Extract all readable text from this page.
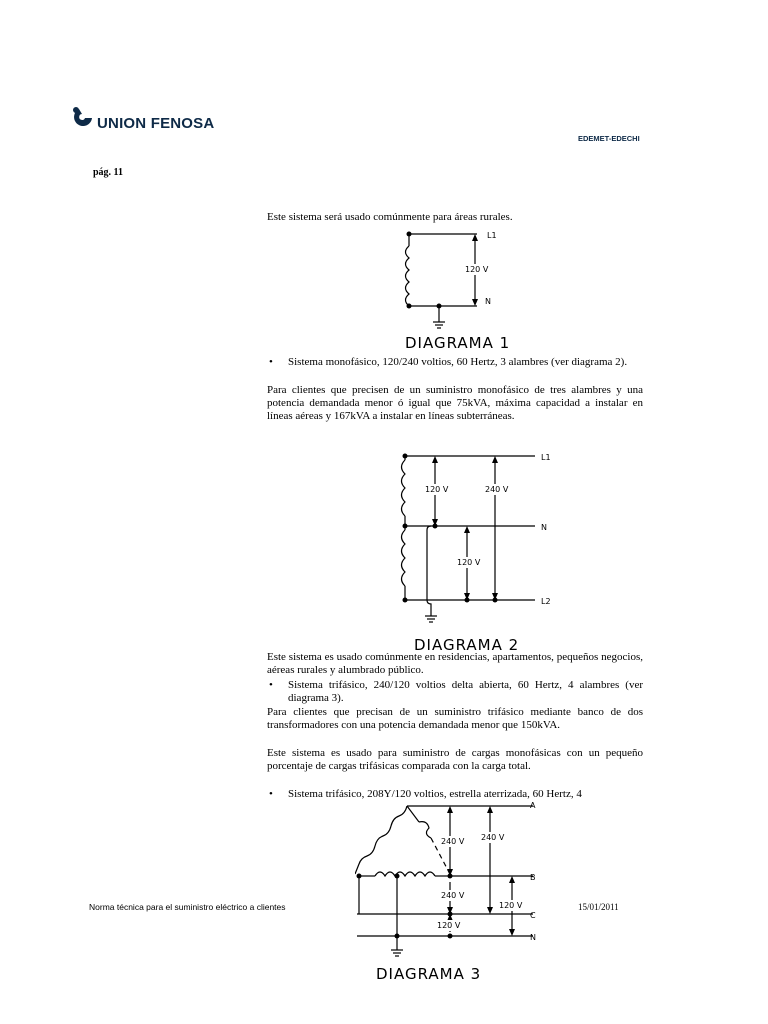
UNION FENOSA
EDEMET-EDECHI
pág. 11
Este sistema será usado comúnmente para áreas rurales.
L1
120 V
N
DIAGRAMA 1
• Sistema monofásico, 120/240 voltios, 60 Hertz, 3 alambres (ver diagrama 2).
Para clientes que precisen de un suministro monofásico de tres alambres y una potencia demandada menor ó igual que 75kVA, máxima capacidad a instalar en líneas aéreas y 167kVA a instalar en líneas subterráneas.
L1
N
L2
120 V	240 V
120 V
DIAGRAMA 2
Este sistema es usado comúnmente en residencias, apartamentos, pequeños negocios, aéreas rurales y alumbrado público.
• Sistema trifásico, 240/120 voltios delta abierta, 60 Hertz, 4 alambres (ver diagrama 3).
Para clientes que precisan de un suministro trifásico mediante banco de dos transformadores con una potencia demandada menor que 150kVA.
Este sistema es usado para suministro de cargas monofásicas con un pequeño porcentaje de cargas trifásicas comparada con la carga total.
• Sistema trifásico, 208Y/120 voltios, estrella aterrizada, 60 Hertz, 4
A
B
C
N
240 V 240 V
240 V
120 V
120 V
DIAGRAMA 3
Norma técnica para el suministro eléctrico a clientes	15/01/2011
